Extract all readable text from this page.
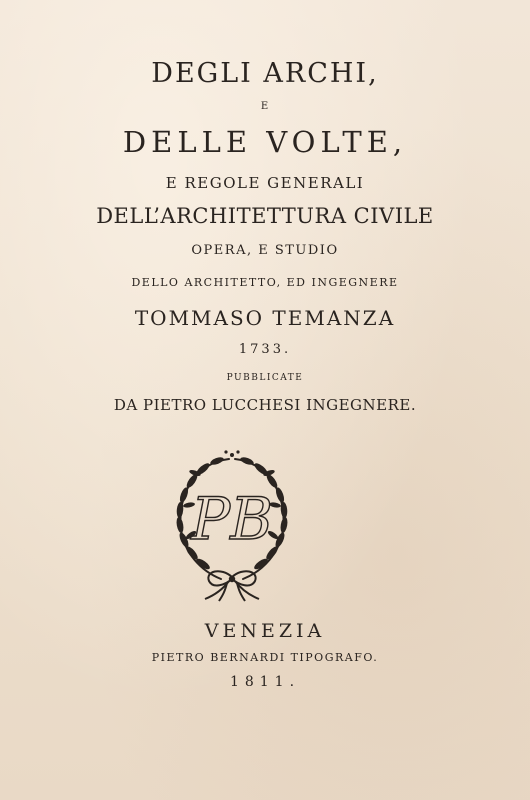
DEGLI ARCHI,
E
DELLE VOLTE,
E REGOLE GENERALI
DELL’ARCHITETTURA CIVILE
OPERA, E STUDIO
DELLO ARCHITETTO, ED INGEGNERE
TOMMASO TEMANZA
1733.
PUBBLICATE
DA PIETRO LUCCHESI INGEGNERE.
PB
VENEZIA
PIETRO BERNARDI TIPOGRAFO.
1811.
